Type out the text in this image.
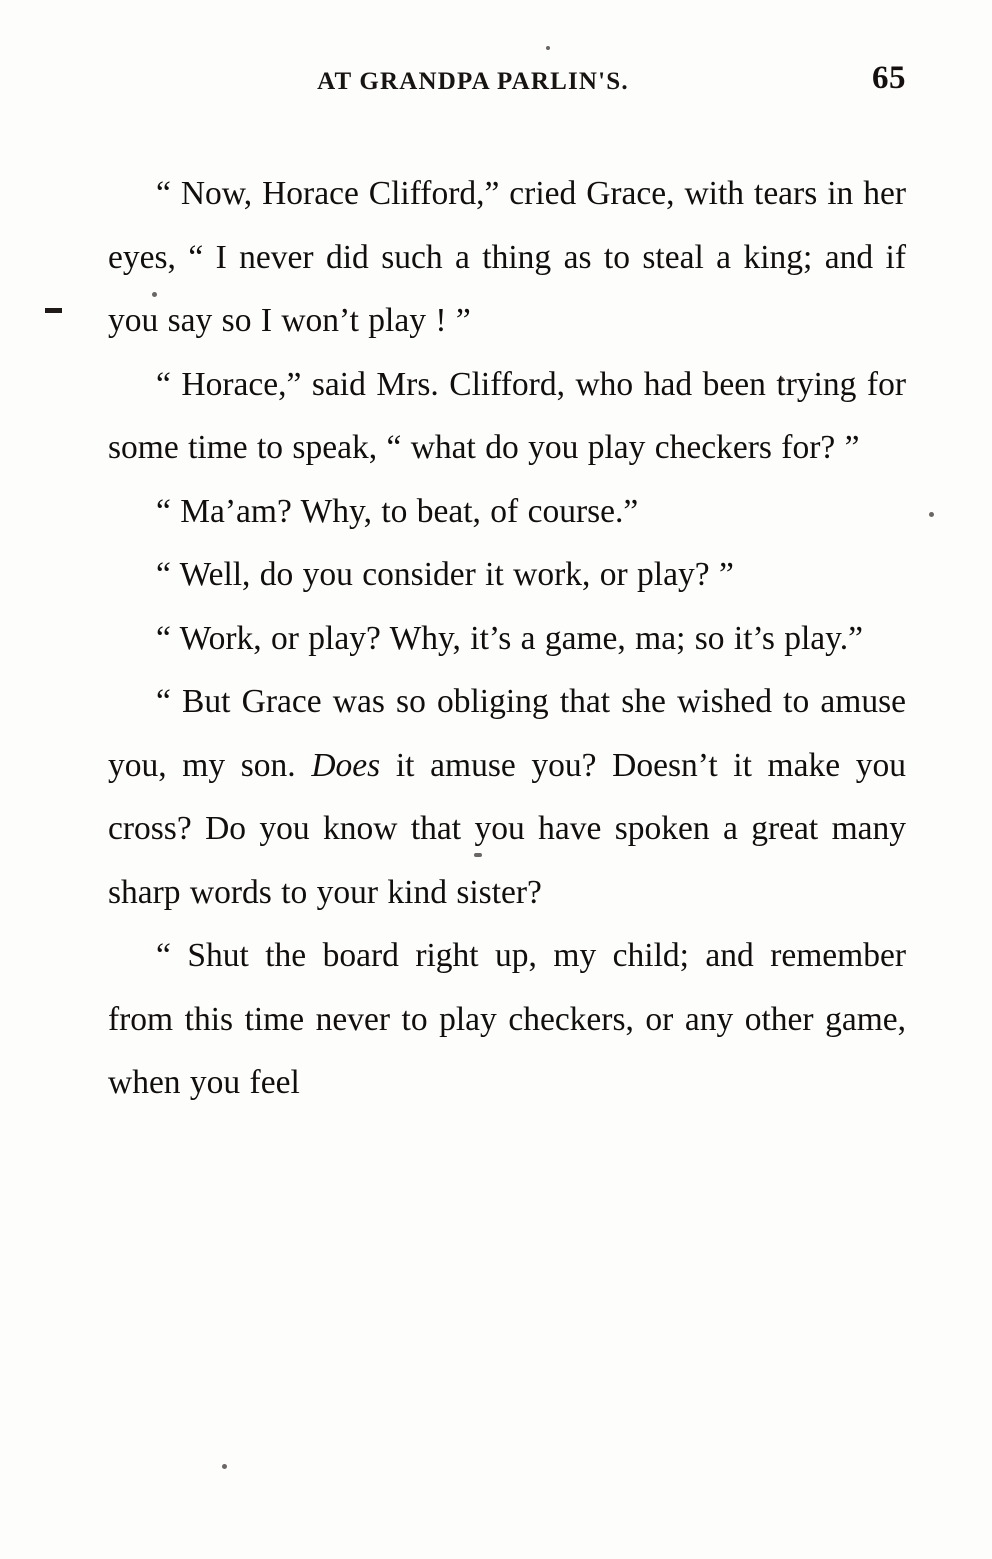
AT GRANDPA PARLIN'S.	65

“ Now, Horace Clifford,” cried Grace, with tears in her eyes, “ I never did such a thing as to steal a king; and if you say so I won’t play ! ”

“ Horace,” said Mrs. Clifford, who had been trying for some time to speak, “ what do you play checkers for? ”

“ Ma’am? Why, to beat, of course.”

“ Well, do you consider it work, or play? ”

“ Work, or play? Why, it’s a game, ma; so it’s play.”

“ But Grace was so obliging that she wished to amuse you, my son. Does it amuse you? Doesn’t it make you cross? Do you know that you have spoken a great many sharp words to your kind sister?

“ Shut the board right up, my child; and remember from this time never to play checkers, or any other game, when you feel
